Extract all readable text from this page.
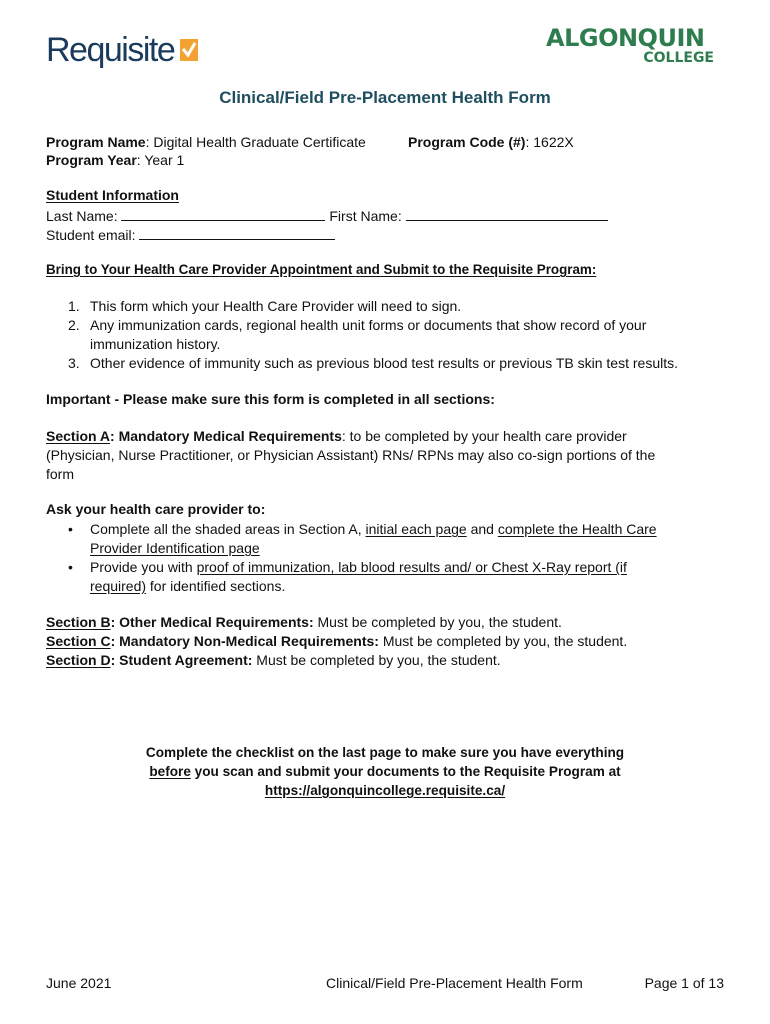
Requisite	ALGONQUIN
COLLEGE
Clinical/Field Pre-Placement Health Form
Program Name: Digital Health Graduate Certificate	Program Code (#): 1622X
Program Year: Year 1
Student Information
Last Name:	First Name:
Student email:
Bring to Your Health Care Provider Appointment and Submit to the Requisite Program:
1. This form which your Health Care Provider will need to sign.
2. Any immunization cards, regional health unit forms or documents that show record of your
immunization history.
3. Other evidence of immunity such as previous blood test results or previous TB skin test results.
Important - Please make sure this form is completed in all sections:
Section A: Mandatory Medical Requirements: to be completed by your health care provider
(Physician, Nurse Practitioner, or Physician Assistant) RNs/ RPNs may also co-sign portions of the
form
Ask your health care provider to:
• Complete all the shaded areas in Section A, initial each page and complete the Health Care
Provider Identification page
• Provide you with proof of immunization, lab blood results and/ or Chest X-Ray report (if
required) for identified sections.
Section B: Other Medical Requirements: Must be completed by you, the student.
Section C: Mandatory Non-Medical Requirements: Must be completed by you, the student.
Section D: Student Agreement: Must be completed by you, the student.
Complete the checklist on the last page to make sure you have everything
before you scan and submit your documents to the Requisite Program at
https://algonquincollege.requisite.ca/
June 2021	Clinical/Field Pre-Placement Health Form	Page 1 of 13
